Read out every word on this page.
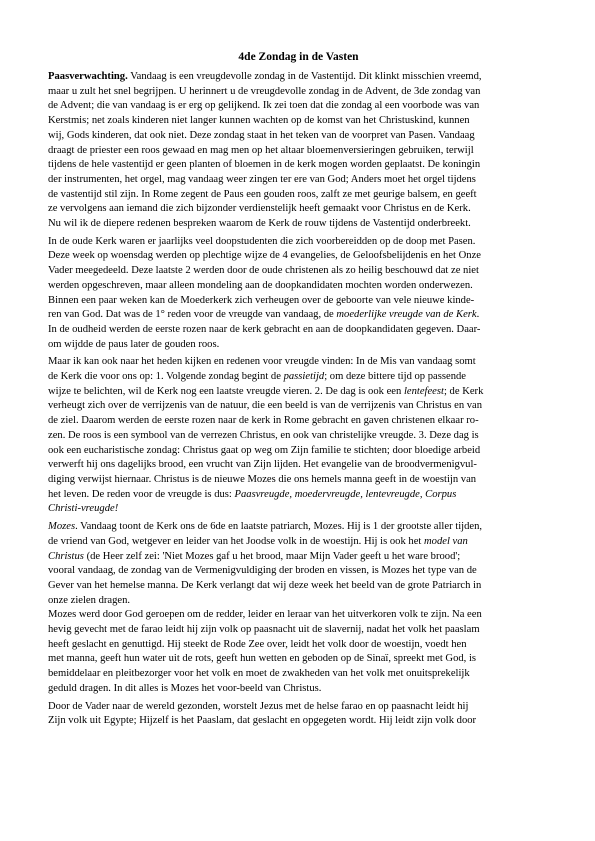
4de Zondag in de Vasten
Paasverwachting. Vandaag is een vreugdevolle zondag in de Vastentijd. Dit klinkt misschien vreemd,
maar u zult het snel begrijpen. U herinnert u de vreugdevolle zondag in de Advent, de 3de zondag van
de Advent; die van vandaag is er erg op gelijkend. Ik zei toen dat die zondag al een voorbode was van
Kerstmis; net zoals kinderen niet langer kunnen wachten op de komst van het Christuskind, kunnen
wij, Gods kinderen, dat ook niet. Deze zondag staat in het teken van de voorpret van Pasen. Vandaag
draagt de priester een roos gewaad en mag men op het altaar bloemenversieringen gebruiken, terwijl
tijdens de hele vastentijd er geen planten of bloemen in de kerk mogen worden geplaatst. De koningin
der instrumenten, het orgel, mag vandaag weer zingen ter ere van God; Anders moet het orgel tijdens
de vastentijd stil zijn. In Rome zegent de Paus een gouden roos, zalft ze met geurige balsem, en geeft
ze vervolgens aan iemand die zich bijzonder verdienstelijk heeft gemaakt voor Christus en de Kerk.
Nu wil ik de diepere redenen bespreken waarom de Kerk de rouw tijdens de Vastentijd onderbreekt.
In de oude Kerk waren er jaarlijks veel doopstudenten die zich voorbereidden op de doop met Pasen.
Deze week op woensdag werden op plechtige wijze de 4 evangelies, de Geloofsbelijdenis en het Onze
Vader meegedeeld. Deze laatste 2 werden door de oude christenen als zo heilig beschouwd dat ze niet
werden opgeschreven, maar alleen mondeling aan de doopkandidaten mochten worden onderwezen.
Binnen een paar weken kan de Moederkerk zich verheugen over de geboorte van vele nieuwe kinde-
ren van God. Dat was de 1° reden voor de vreugde van vandaag, de moederlijke vreugde van de Kerk.
In de oudheid werden de eerste rozen naar de kerk gebracht en aan de doopkandidaten gegeven. Daar-
om wijdde de paus later de gouden roos.
Maar ik kan ook naar het heden kijken en redenen voor vreugde vinden: In de Mis van vandaag somt
de Kerk die voor ons op: 1. Volgende zondag begint de passietijd; om deze bittere tijd op passende
wijze te belichten, wil de Kerk nog een laatste vreugde vieren. 2. De dag is ook een lentefeest; de Kerk
verheugt zich over de verrijzenis van de natuur, die een beeld is van de verrijzenis van Christus en van
de ziel. Daarom werden de eerste rozen naar de kerk in Rome gebracht en gaven christenen elkaar ro-
zen. De roos is een symbool van de verrezen Christus, en ook van christelijke vreugde. 3. Deze dag is
ook een eucharistische zondag: Christus gaat op weg om Zijn familie te stichten; door bloedige arbeid
verwerft hij ons dagelijks brood, een vrucht van Zijn lijden. Het evangelie van de broodvermenigvul-
diging verwijst hiernaar. Christus is de nieuwe Mozes die ons hemels manna geeft in de woestijn van
het leven. De reden voor de vreugde is dus: Paasvreugde, moedervreugde, lentevreugde, Corpus
Christi-vreugde!
Mozes. Vandaag toont de Kerk ons de 6de en laatste patriarch, Mozes. Hij is 1 der grootste aller tijden,
de vriend van God, wetgever en leider van het Joodse volk in de woestijn. Hij is ook het model van
Christus (de Heer zelf zei: 'Niet Mozes gaf u het brood, maar Mijn Vader geeft u het ware brood';
vooral vandaag, de zondag van de Vermenigvuldiging der broden en vissen, is Mozes het type van de
Gever van het hemelse manna. De Kerk verlangt dat wij deze week het beeld van de grote Patriarch in
onze zielen dragen.
Mozes werd door God geroepen om de redder, leider en leraar van het uitverkoren volk te zijn. Na een
hevig gevecht met de farao leidt hij zijn volk op paasnacht uit de slavernij, nadat het volk het paaslam
heeft geslacht en genuttigd. Hij steekt de Rode Zee over, leidt het volk door de woestijn, voedt hen
met manna, geeft hun water uit de rots, geeft hun wetten en geboden op de Sinaï, spreekt met God, is
bemiddelaar en pleitbezorger voor het volk en moet de zwakheden van het volk met onuitsprekelijk
geduld dragen. In dit alles is Mozes het voor-beeld van Christus.
Door de Vader naar de wereld gezonden, worstelt Jezus met de helse farao en op paasnacht leidt hij
Zijn volk uit Egypte; Hijzelf is het Paaslam, dat geslacht en opgegeten wordt. Hij leidt zijn volk door
